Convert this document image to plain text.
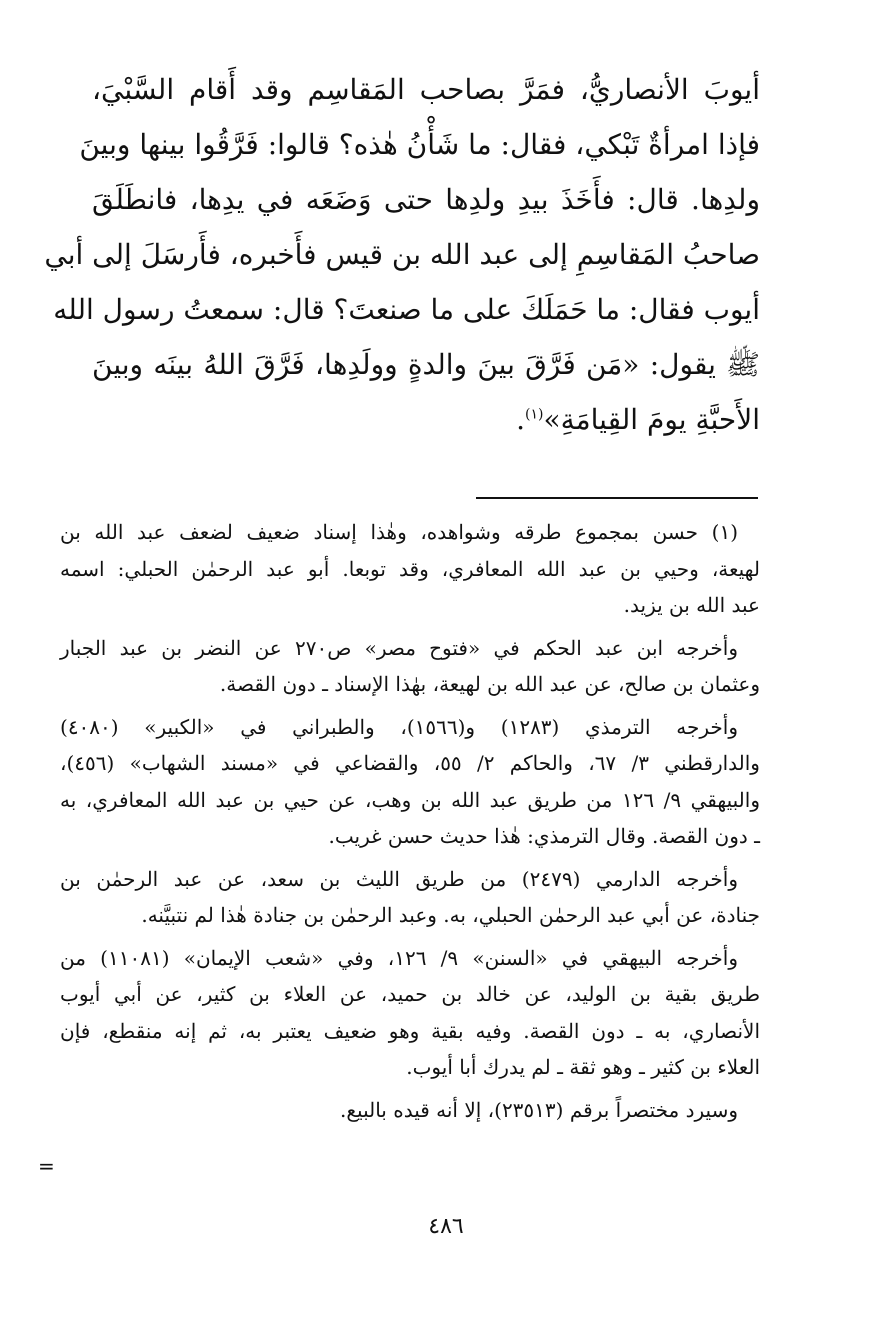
أيوبَ الأنصاريُّ، فمَرَّ بصاحب المَقاسِم وقد أَقام السَّبْيَ،
فإذا امرأةٌ تَبْكي، فقال: ما شَأْنُ هٰذه؟ قالوا: فَرَّقُوا بينها وبينَ
ولدِها. قال: فأَخَذَ بيدِ ولدِها حتى وَضَعَه في يدِها، فانطَلَقَ
صاحبُ المَقاسِمِ إلى عبد الله بن قيس فأَخبره، فأَرسَلَ إلى أبي
أيوب فقال: ما حَمَلَكَ على ما صنعتَ؟ قال: سمعتُ رسول الله
ﷺ يقول: «مَن فَرَّقَ بينَ والدةٍ وولَدِها، فَرَّقَ اللهُ بينَه وبينَ
الأَحبَّةِ يومَ القِيامَةِ»$^{(١)}$.
(١) حسن بمجموع طرقه وشواهده، وهٰذا إسناد ضعيف لضعف عبد الله بن
لهيعة، وحيي بن عبد الله المعافري، وقد توبعا. أبو عبد الرحمٰن الحبلي: اسمه
عبد الله بن يزيد.
وأخرجه ابن عبد الحكم في «فتوح مصر» ص٢٧٠ عن النضر بن عبد الجبار
وعثمان بن صالح، عن عبد الله بن لهيعة، بهٰذا الإسناد ـ دون القصة.
وأخرجه الترمذي (١٢٨٣) و(١٥٦٦)، والطبراني في «الكبير» (٤٠٨٠)
والدارقطني ٣/ ٦٧، والحاكم ٢/ ٥٥، والقضاعي في «مسند الشهاب» (٤٥٦)،
والبيهقي ٩/ ١٢٦ من طريق عبد الله بن وهب، عن حيي بن عبد الله المعافري، به
ـ دون القصة. وقال الترمذي: هٰذا حديث حسن غريب.
وأخرجه الدارمي (٢٤٧٩) من طريق الليث بن سعد، عن عبد الرحمٰن بن
جنادة، عن أبي عبد الرحمٰن الحبلي، به. وعبد الرحمٰن بن جنادة هٰذا لم نتبيَّنه.
وأخرجه البيهقي في «السنن» ٩/ ١٢٦، وفي «شعب الإيمان» (١١٠٨١) من
طريق بقية بن الوليد، عن خالد بن حميد، عن العلاء بن كثير، عن أبي أيوب
الأنصاري، به ـ دون القصة. وفيه بقية وهو ضعيف يعتبر به، ثم إنه منقطع، فإن
العلاء بن كثير ـ وهو ثقة ـ لم يدرك أبا أيوب.
وسيرد مختصراً برقم (٢٣٥١٣)، إلا أنه قيده بالبيع.
=
٤٨٦
